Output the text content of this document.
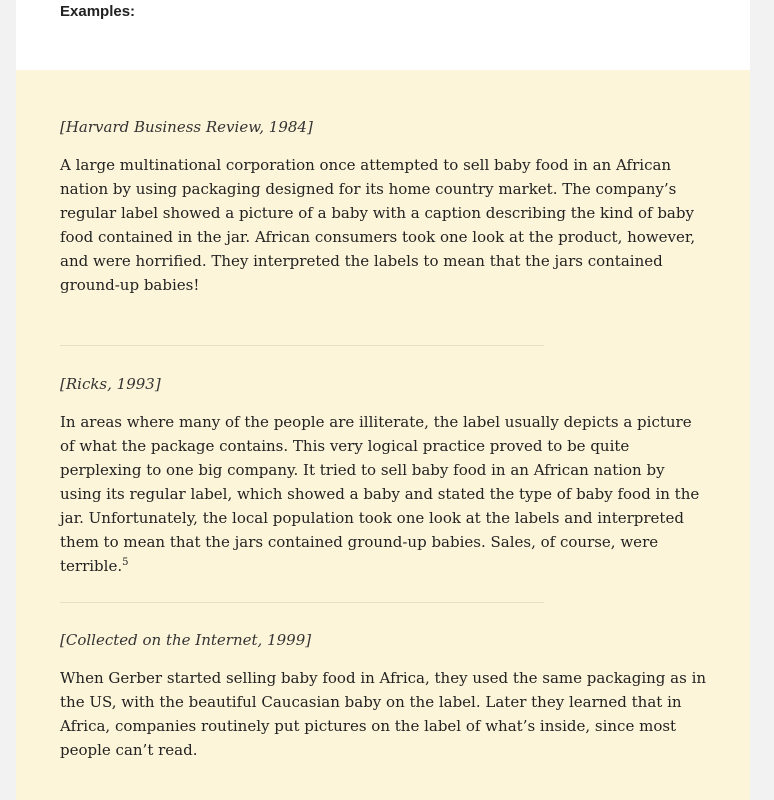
Examples:

[Harvard Business Review, 1984]

A large multinational corporation once attempted to sell baby food in an African nation by using packaging designed for its home country market. The company’s regular label showed a picture of a baby with a caption describing the kind of baby food contained in the jar. African consumers took one look at the product, however, and were horrified. They interpreted the labels to mean that the jars contained ground-up babies!

[Ricks, 1993]

In areas where many of the people are illiterate, the label usually depicts a picture of what the package contains. This very logical practice proved to be quite perplexing to one big company. It tried to sell baby food in an African nation by using its regular label, which showed a baby and stated the type of baby food in the jar. Unfortunately, the local population took one look at the labels and interpreted them to mean that the jars contained ground-up babies. Sales, of course, were terrible.$^5$

[Collected on the Internet, 1999]

When Gerber started selling baby food in Africa, they used the same packaging as in the US, with the beautiful Caucasian baby on the label. Later they learned that in Africa, companies routinely put pictures on the label of what’s inside, since most people can’t read.
